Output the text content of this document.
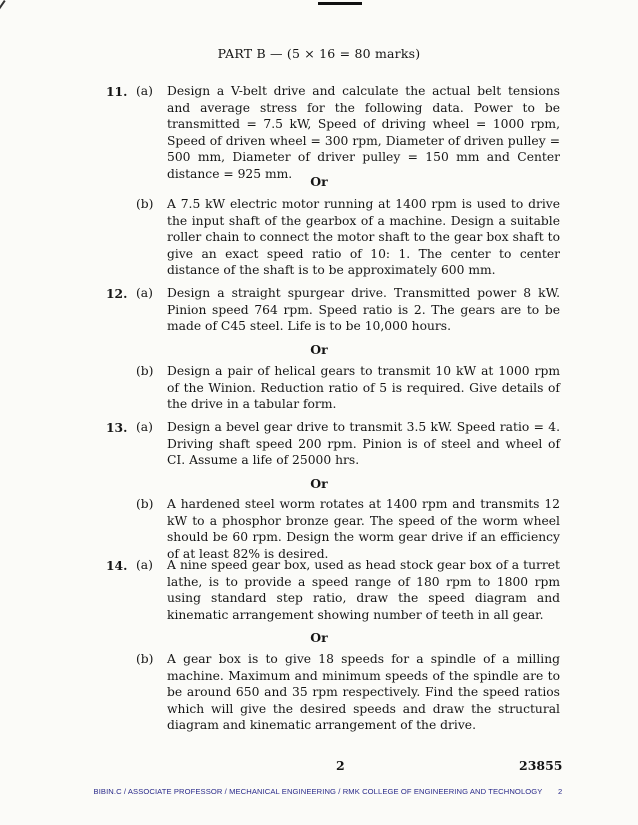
PART B — (5 × 16 = 80 marks)
11. (a) Design a V-belt drive and calculate the actual belt tensions and average stress for the following data. Power to be transmitted = 7.5 kW, Speed of driving wheel = 1000 rpm, Speed of driven wheel = 300 rpm, Diameter of driven pulley = 500 mm, Diameter of driver pulley = 150 mm and Center distance = 925 mm.
Or
(b) A 7.5 kW electric motor running at 1400 rpm is used to drive the input shaft of the gearbox of a machine. Design a suitable roller chain to connect the motor shaft to the gear box shaft to give an exact speed ratio of 10: 1. The center to center distance of the shaft is to be approximately 600 mm.
12. (a) Design a straight spurgear drive. Transmitted power 8 kW. Pinion speed 764 rpm. Speed ratio is 2. The gears are to be made of C45 steel. Life is to be 10,000 hours.
Or
(b) Design a pair of helical gears to transmit 10 kW at 1000 rpm of the Winion. Reduction ratio of 5 is required. Give details of the drive in a tabular form.
13. (a) Design a bevel gear drive to transmit 3.5 kW. Speed ratio = 4. Driving shaft speed 200 rpm. Pinion is of steel and wheel of CI. Assume a life of 25000 hrs.
Or
(b) A hardened steel worm rotates at 1400 rpm and transmits 12 kW to a phosphor bronze gear. The speed of the worm wheel should be 60 rpm. Design the worm gear drive if an efficiency of at least 82% is desired.
14. (a) A nine speed gear box, used as head stock gear box of a turret lathe, is to provide a speed range of 180 rpm to 1800 rpm using standard step ratio, draw the speed diagram and kinematic arrangement showing number of teeth in all gear.
Or
(b) A gear box is to give 18 speeds for a spindle of a milling machine. Maximum and minimum speeds of the spindle are to be around 650 and 35 rpm respectively. Find the speed ratios which will give the desired speeds and draw the structural diagram and kinematic arrangement of the drive.
2	23855
BIBIN.C / ASSOCIATE PROFESSOR / MECHANICAL ENGINEERING / RMK COLLEGE OF ENGINEERING AND TECHNOLOGY	2
